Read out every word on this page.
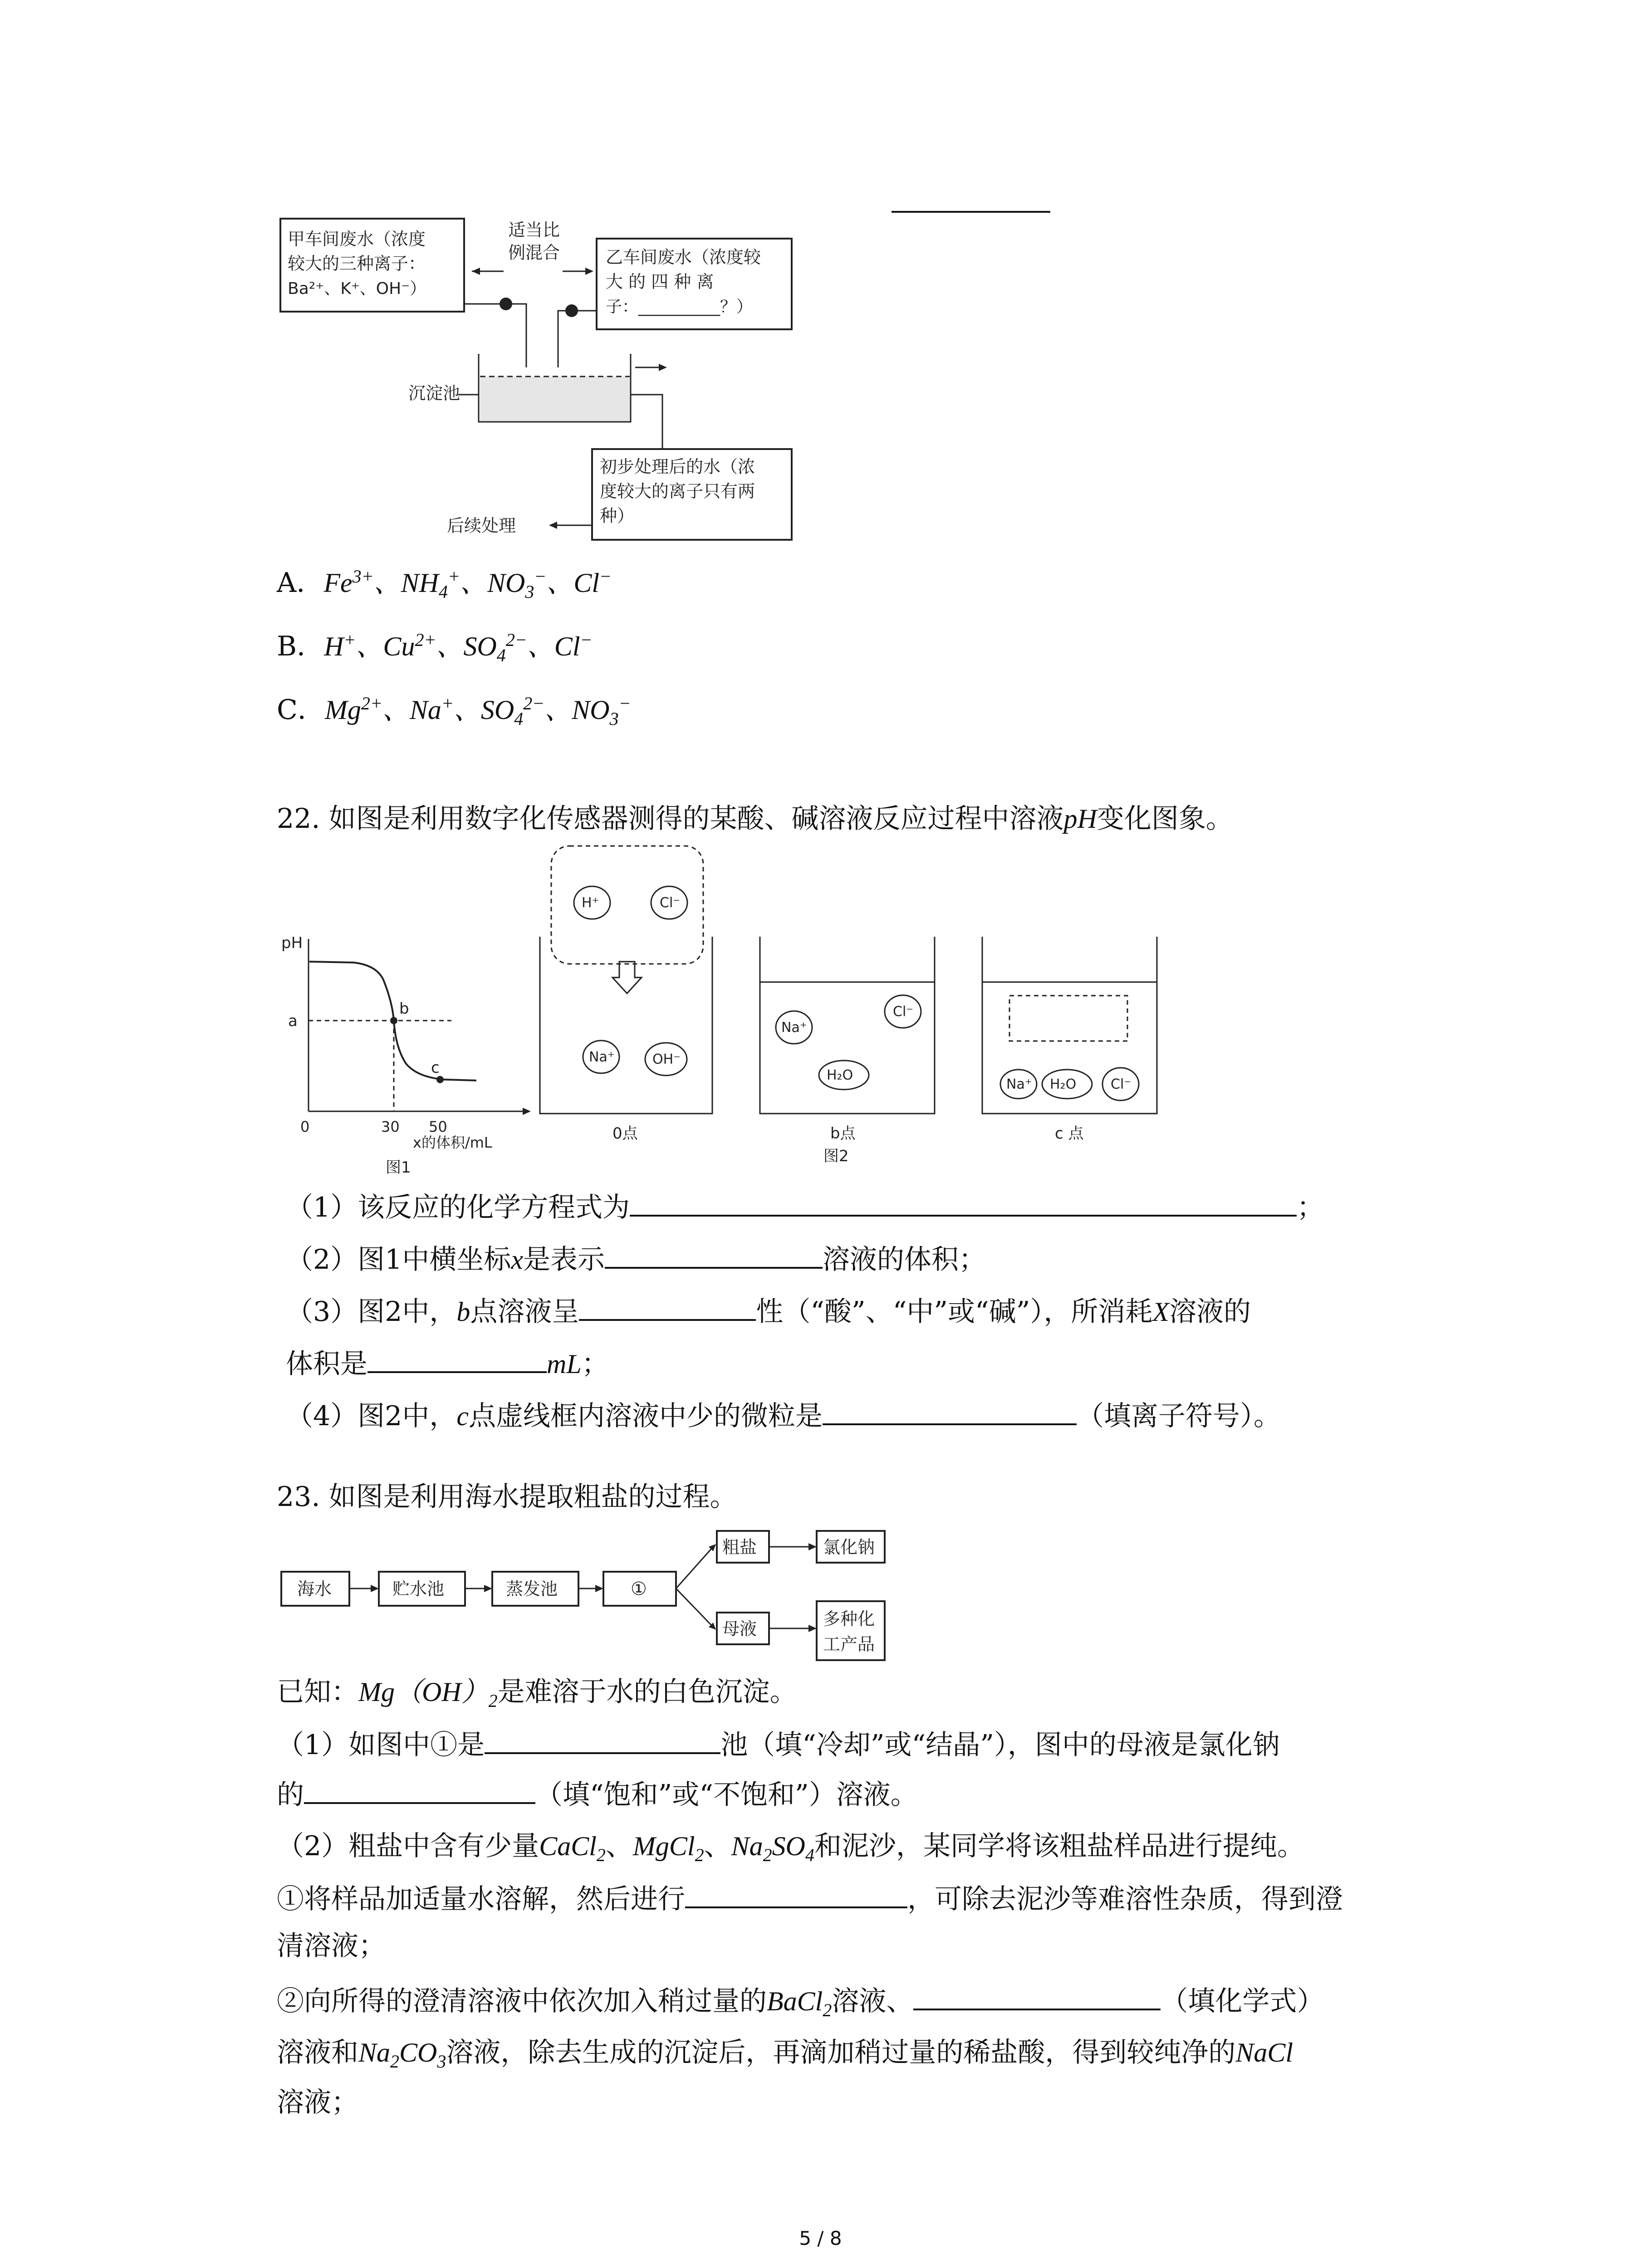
甲车间废水（浓度
较大的三种离子：
Ba²⁺、K⁺、OH⁻）
适当比
例混合	乙车间废水（浓度较
大 的 四 种 离
子：__________？）
沉淀池
初步处理后的水（浓
度较大的离子只有两
种）
后续处理
A．$Fe^{3+}$、$NH_4^+$、$NO_3^-$、Cl−
B．H+、$Cu^{2+}$、$SO_4^{2-}$、Cl−
C．$Mg^{2+}$、Na+、$SO_4^{2-}$、$NO_3^-$
22. 如图是利用数字化传感器测得的某酸、碱溶液反应过程中溶液pH变化图象。
pH
a
b
c
0	30 50
x的体积/mL
图1
H⁺	Cl⁻
Na⁺	OH⁻
0点
Na⁺
Cl⁻
H₂O
b点
图2
Na⁺ H₂O	Cl⁻
c 点
（1）该反应的化学方程式为	；
（2）图1中横坐标x是表示	溶液的体积；
（3）图2中，b点溶液呈	性（“酸”、“中”或“碱”），所消耗X溶液的
体积是	mL；
（4）图2中，c点虚线框内溶液中少的微粒是	（填离子符号）。
23. 如图是利用海水提取粗盐的过程。
海水	贮水池	蒸发池	①
粗盐	氯化钠
母液	多种化
工产品
已知：$Mg(OH)_2$是难溶于水的白色沉淀。
（1）如图中①是	池（填“冷却”或“结晶”），图中的母液是氯化钠
的	（填“饱和”或“不饱和”）溶液。
（2）粗盐中含有少量CaCl$_2$、MgCl$_2$、$Na_2SO_4$和泥沙，某同学将该粗盐样品进行提纯。
①将样品加适量水溶解，然后进行	，可除去泥沙等难溶性杂质，得到澄
清溶液；
②向所得的澄清溶液中依次加入稍过量的BaCl$_2$溶液、	（填化学式）
溶液和$Na_2CO_3$溶液，除去生成的沉淀后，再滴加稍过量的稀盐酸，得到较纯净的NaCl
溶液；
5 / 8
